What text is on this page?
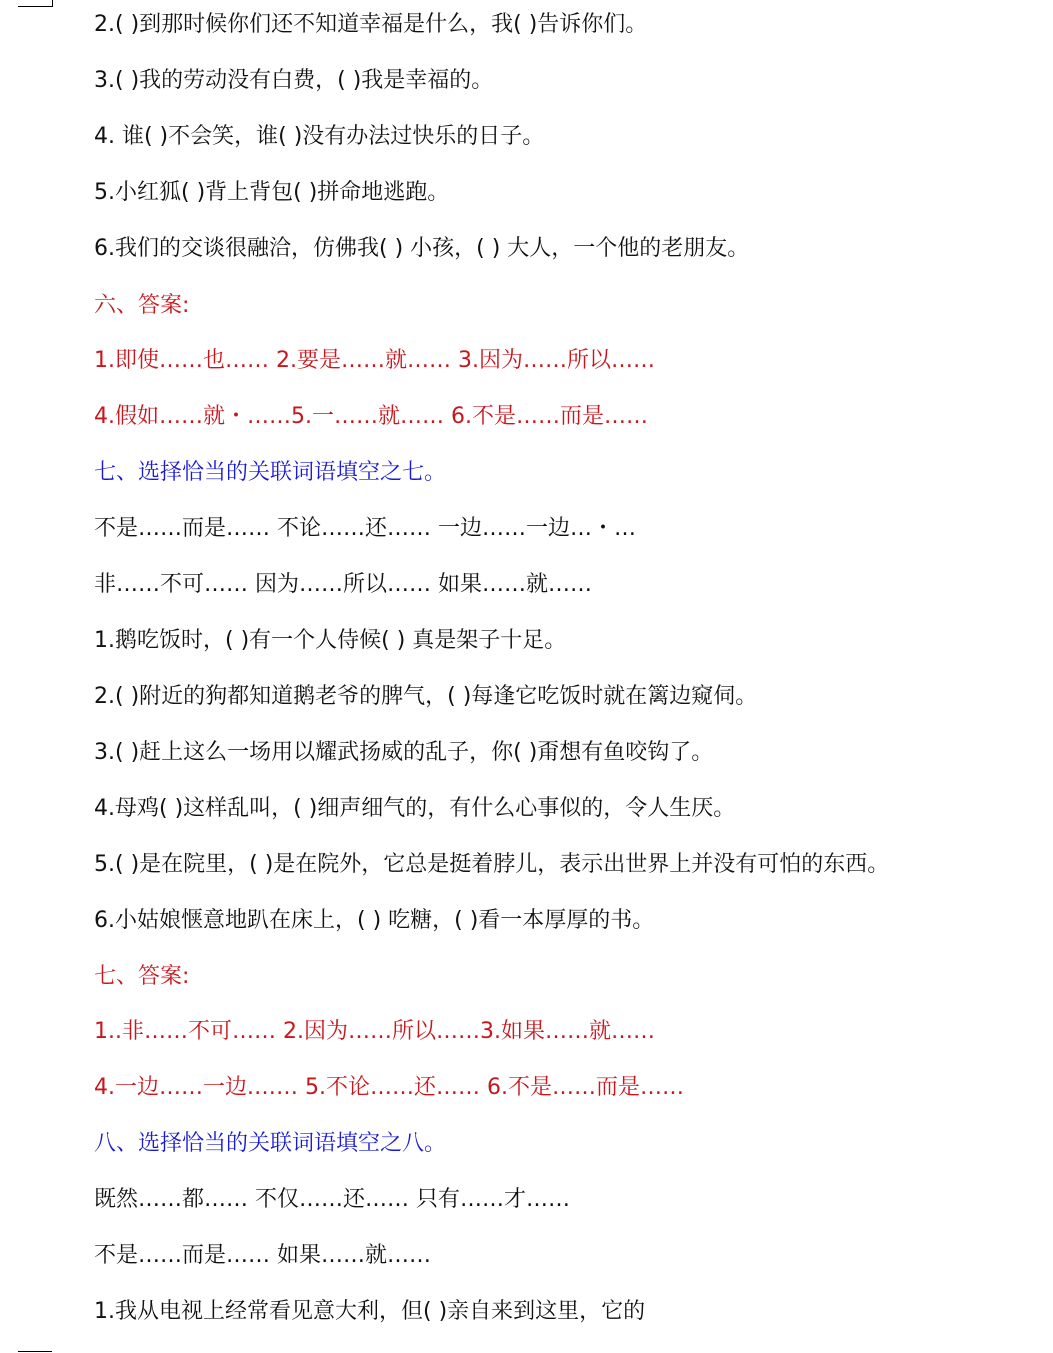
2.( )到那时候你们还不知道幸福是什么，我( )告诉你们。
3.( )我的劳动没有白费，( )我是幸福的。
4. 谁( )不会笑，谁( )没有办法过快乐的日子。
5.小红狐( )背上背包( )拼命地逃跑。
6.我们的交谈很融洽，仿佛我( ) 小孩，( ) 大人，一个他的老朋友。
六、答案:
1.即使……也…… 2.要是……就…… 3.因为……所以……
4.假如……就・……5.一……就…… 6.不是……而是……
七、选择恰当的关联词语填空之七。
不是……而是…… 不论……还…… 一边……一边…・…
非……不可…… 因为……所以…… 如果……就……
1.鹅吃饭时，( )有一个人侍候( ) 真是架子十足。
2.( )附近的狗都知道鹅老爷的脾气，( )每逢它吃饭时就在篱边窥伺。
3.( )赶上这么一场用以耀武扬威的乱子，你( )甭想有鱼咬钩了。
4.母鸡( )这样乱叫，( )细声细气的，有什么心事似的，令人生厌。
5.( )是在院里，( )是在院外，它总是挺着脖儿，表示出世界上并没有可怕的东西。
6.小姑娘惬意地趴在床上，( ) 吃糖，( )看一本厚厚的书。
七、答案:
1..非……不可…… 2.因为……所以……3.如果……就……
4.一边……一边.…… 5.不论……还…… 6.不是……而是……
八、选择恰当的关联词语填空之八。
既然……都…… 不仅……还…… 只有……才……
不是……而是…… 如果……就……
1.我从电视上经常看见意大利，但( )亲自来到这里，它的
